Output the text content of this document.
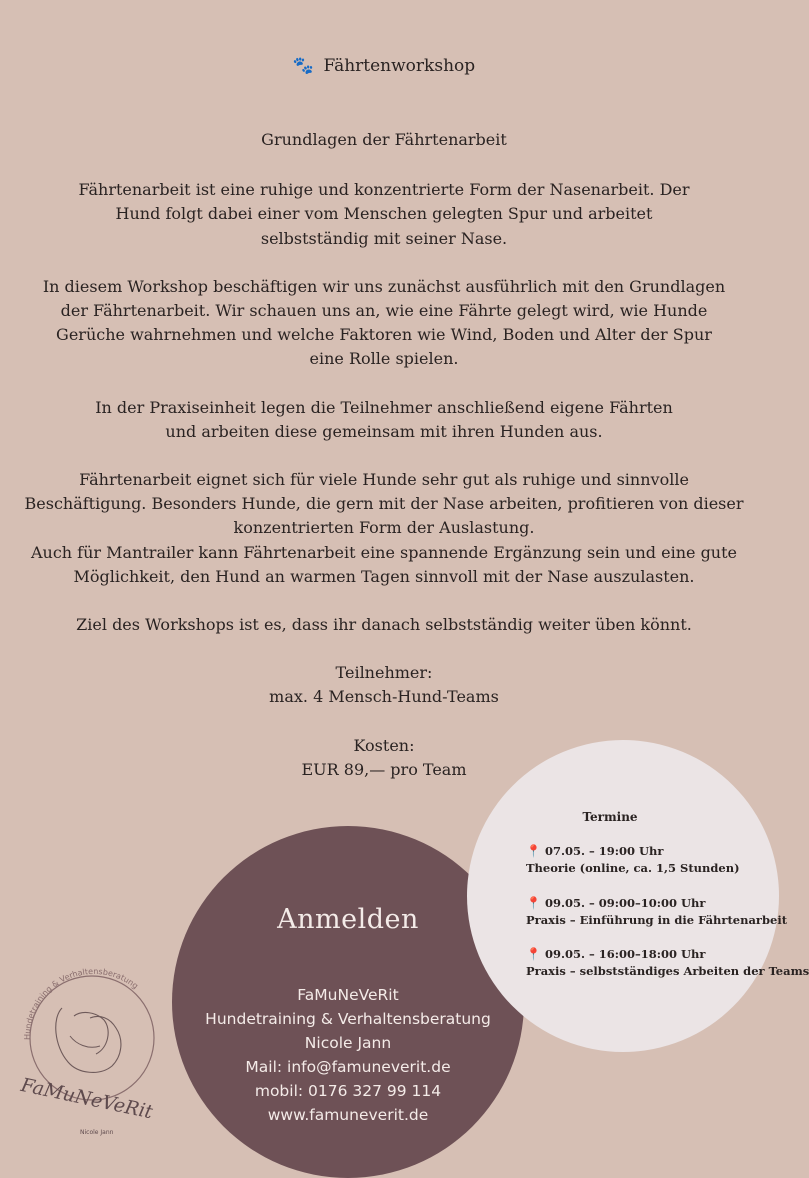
🐾 Fährtenworkshop

Grundlagen der Fährtenarbeit

Fährtenarbeit ist eine ruhige und konzentrierte Form der Nasenarbeit. Der Hund folgt dabei einer vom Menschen gelegten Spur und arbeitet selbstständig mit seiner Nase.

In diesem Workshop beschäftigen wir uns zunächst ausführlich mit den Grundlagen der Fährtenarbeit. Wir schauen uns an, wie eine Fährte gelegt wird, wie Hunde Gerüche wahrnehmen und welche Faktoren wie Wind, Boden und Alter der Spur eine Rolle spielen.

In der Praxiseinheit legen die Teilnehmer anschließend eigene Fährten und arbeiten diese gemeinsam mit ihren Hunden aus.

Fährtenarbeit eignet sich für viele Hunde sehr gut als ruhige und sinnvolle Beschäftigung. Besonders Hunde, die gern mit der Nase arbeiten, profitieren von dieser konzentrierten Form der Auslastung.

Auch für Mantrailer kann Fährtenarbeit eine spannende Ergänzung sein und eine gute Möglichkeit, den Hund an warmen Tagen sinnvoll mit der Nase auszulasten.

Ziel des Workshops ist es, dass ihr danach selbstständig weiter üben könnt.

Teilnehmer:

max. 4 Mensch-Hund-Teams

Kosten:

EUR 89,— pro Team

Anmelden
FaMuNeVeRit
Hundetraining & Verhaltensberatung
Nicole Jann
Mail: info@famuneverit.de
mobil: 0176 327 99 114
www.famuneverit.de
Termine
📍 07.05. – 19:00 Uhr
Theorie (online, ca. 1,5 Stunden)
📍 09.05. – 09:00–10:00 Uhr
Praxis – Einführung in die Fährtenarbeit
📍 09.05. – 16:00–18:00 Uhr
Praxis – selbstständiges Arbeiten der Teams
Hundetraining & Verhaltensberatung
FaMuNeVeRit
Nicole Jann
